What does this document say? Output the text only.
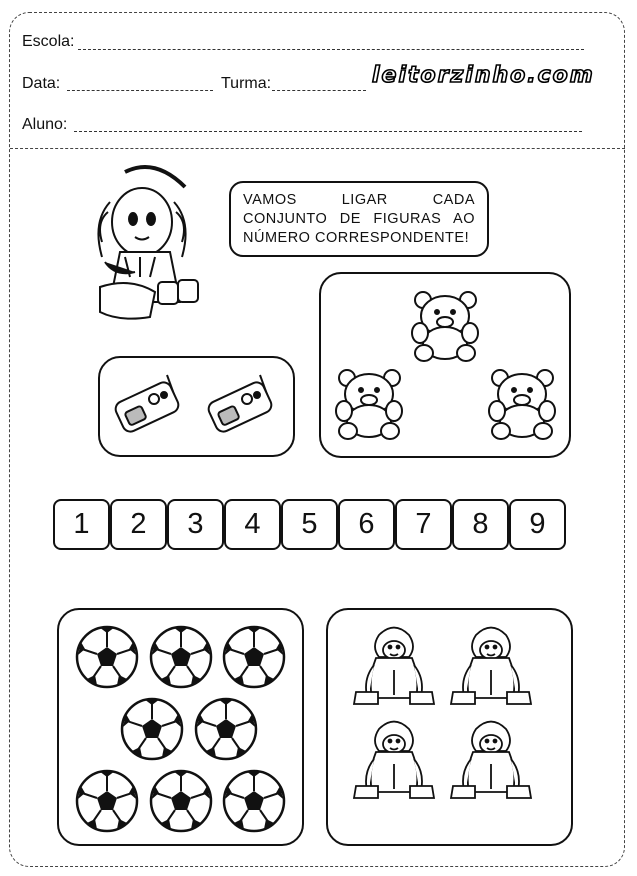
Escola:
Data:	Turma:	leitorzinho.com
Aluno:
VAMOS LIGAR CADA CONJUNTO DE FIGURAS AO NÚMERO CORRESPONDENTE!
1	2	3	4	5	6	7	8	9
